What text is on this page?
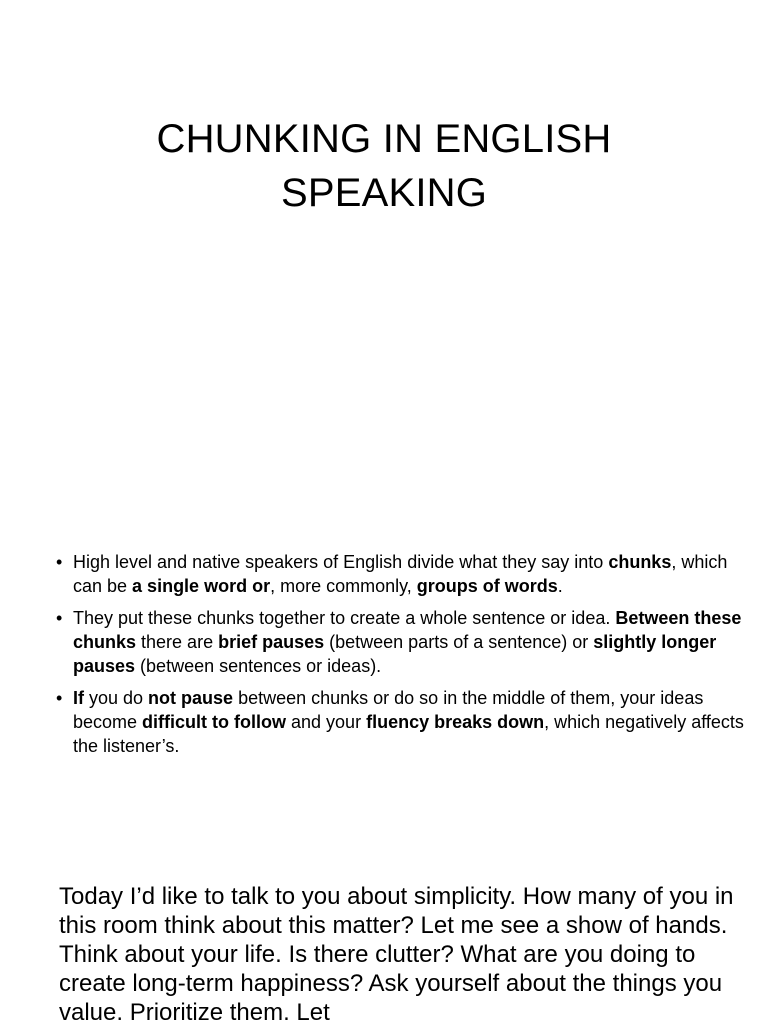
CHUNKING IN ENGLISH
SPEAKING
• High level and native speakers of English divide what they say into chunks, which can be a single word or, more commonly, groups of words.
• They put these chunks together to create a whole sentence or idea. Between these chunks there are brief pauses (between parts of a sentence) or slightly longer pauses (between sentences or ideas).
• If you do not pause between chunks or do so in the middle of them, your ideas become difficult to follow and your fluency breaks down, which negatively affects the listener’s.

Today I’d like to talk to you about simplicity. How many of you in this room think about this matter? Let me see a show of hands. Think about your life. Is there clutter? What are you doing to create long-term happiness? Ask yourself about the things you value. Prioritize them. Let
